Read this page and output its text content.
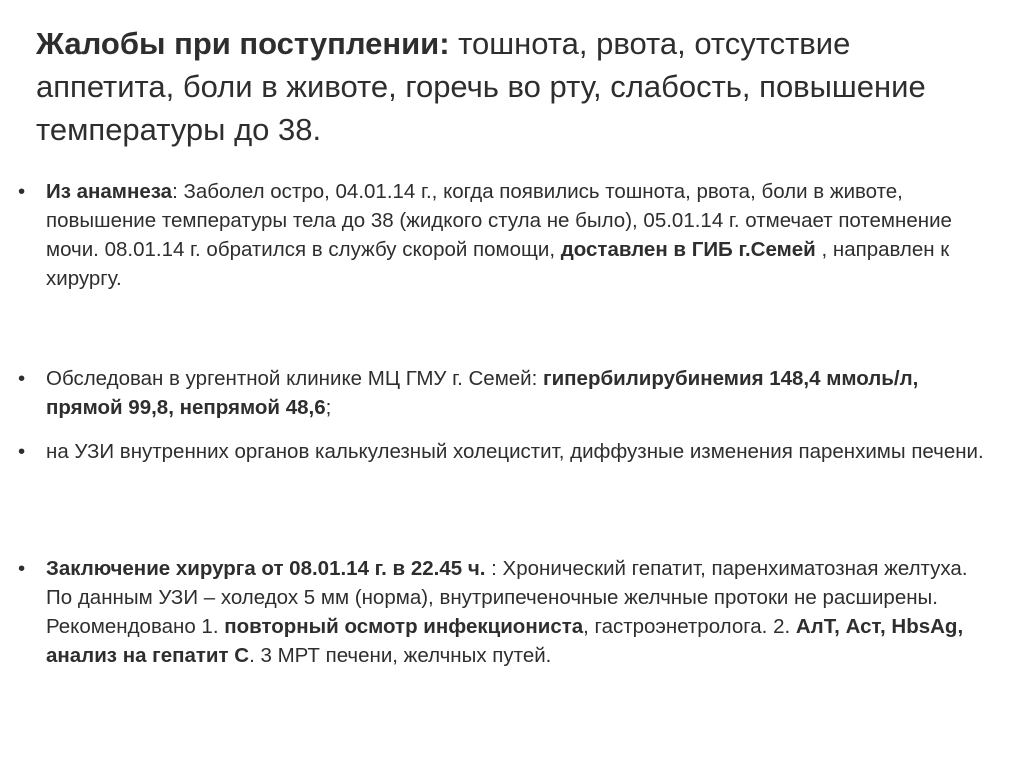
Жалобы при поступлении: тошнота, рвота, отсутствие аппетита, боли в животе, горечь во рту, слабость, повышение температуры до 38.
•	Из анамнеза: Заболел остро, 04.01.14 г., когда появились тошнота, рвота, боли в животе, повышение температуры тела до 38 (жидкого стула не было), 05.01.14 г. отмечает потемнение мочи. 08.01.14 г. обратился в службу скорой помощи, доставлен в ГИБ г.Семей , направлен к хирургу.
•	Обследован в ургентной клинике МЦ ГМУ г. Семей: гипербилирубинемия 148,4 ммоль/л, прямой 99,8, непрямой 48,6;
•	на УЗИ внутренних органов калькулезный холецистит, диффузные изменения паренхимы печени.
•	Заключение хирурга от 08.01.14 г. в 22.45 ч. : Хронический гепатит, паренхиматозная желтуха. По данным УЗИ – холедох 5 мм (норма), внутрипеченочные желчные протоки не расширены. Рекомендовано 1. повторный осмотр инфекциониста, гастроэнетролога. 2. АлТ, Аст, HbsAg, анализ на гепатит С. 3 МРТ печени, желчных путей.
